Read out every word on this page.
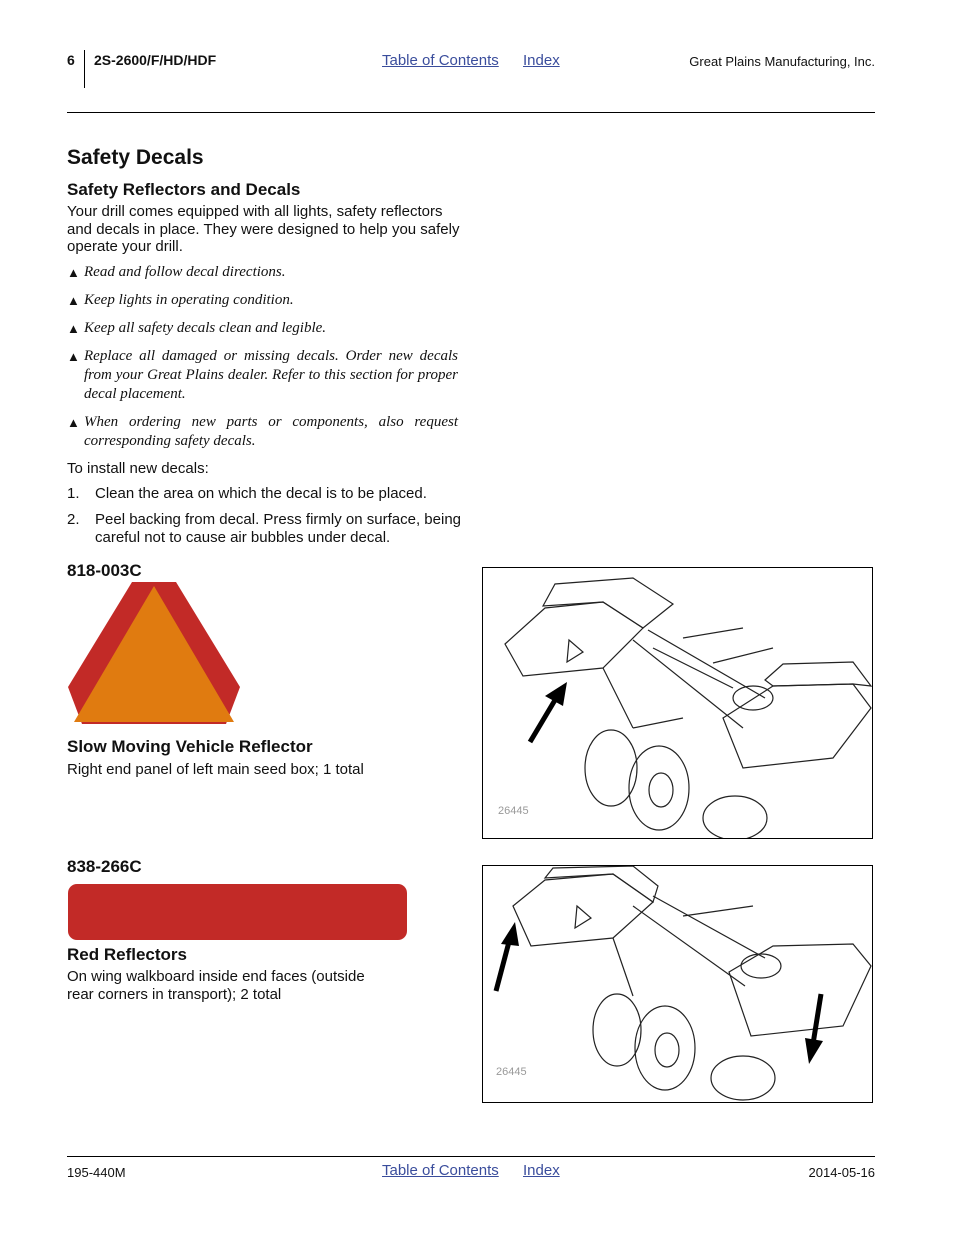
6 2S-2600/F/HD/HDF	Table of Contents Index	Great Plains Manufacturing, Inc.
Safety Decals
Safety Reflectors and Decals
Your drill comes equipped with all lights, safety reflectors and decals in place. They were designed to help you safely operate your drill.
▲ Read and follow decal directions.
▲ Keep lights in operating condition.
▲ Keep all safety decals clean and legible.
▲ Replace all damaged or missing decals. Order new decals from your Great Plains dealer. Refer to this section for proper decal placement.
▲ When ordering new parts or components, also request corresponding safety decals.
To install new decals:
1.	Clean the area on which the decal is to be placed.
2.	Peel backing from decal. Press firmly on surface, being careful not to cause air bubbles under decal.
818-003C
Slow Moving Vehicle Reflector
Right end panel of left main seed box; 1 total
26445
838-266C
Red Reflectors
On wing walkboard inside end faces (outside rear corners in transport); 2 total
26445
195-440M	Table of Contents Index	2014-05-16
